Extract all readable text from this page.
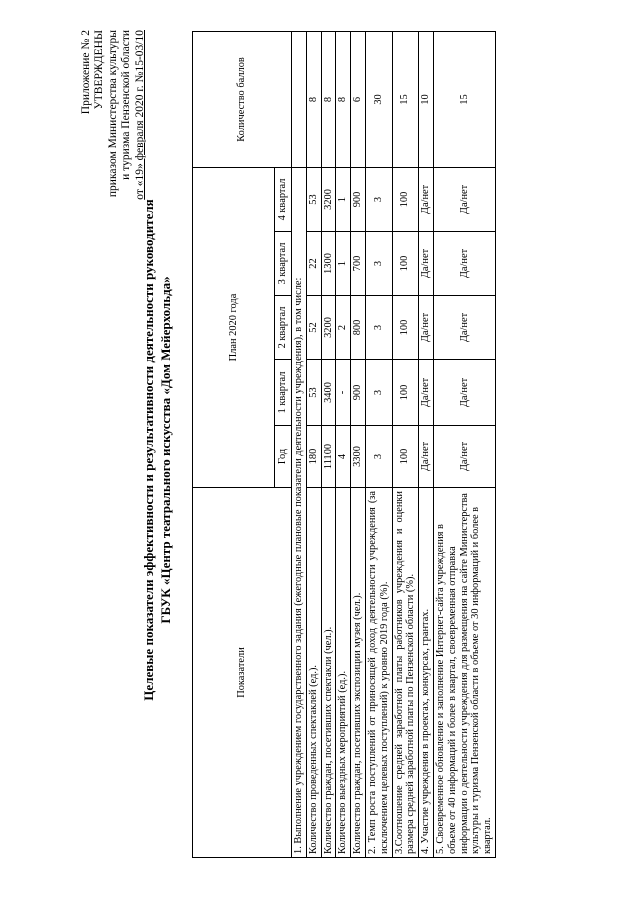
Приложение № 2 УТВЕРЖДЕНЫ приказом Министерства культуры и туризма Пензенской области от «19» февраля 2020 г. №15-03/10
Целевые показатели эффективности и результативности деятельности руководителя ГБУК «Центр театрального искусства «Дом Мейерхольда»
Показатели	План 2020 года					Количество баллов
	Год	1 квартал	2 квартал	3 квартал	4 квартал	
1. Выполнение учреждением государственного задания (ежегодные плановые показатели деятельности учреждения), в том числе:						
Количество проведенных спектаклей (ед.).	180	53	52	22	53	8
Количество граждан, посетивших спектакли (чел.).	11100	3400	3200	1300	3200	8
Количество выездных мероприятий (ед.).	4	-	2	1	1	8
Количество граждан, посетивших экспозиции музея (чел.).	3300	900	800	700	900	6
2. Темп роста поступлений от приносящей доход деятельности учреждения (за исключением целевых поступлений) к уровню 2019 года (%).	3	3	3	3	3	30
3.Соотношение средней заработной платы работников учреждения и оценки размера средней заработной платы по Пензенской области (%).	100	100	100	100	100	15
4. Участие учреждения в проектах, конкурсах, грантах.	Да/нет	Да/нет	Да/нет	Да/нет	Да/нет	10
5. Своевременное обновление и заполнение Интернет-сайта учреждения в объеме от 40 информаций и более в квартал, своевременная отправка информации о деятельности учреждения для размещения на сайте Министерства культуры и туризма Пензенской области в объеме от 30 информаций и более в квартал.	Да/нет	Да/нет	Да/нет	Да/нет	Да/нет	15
